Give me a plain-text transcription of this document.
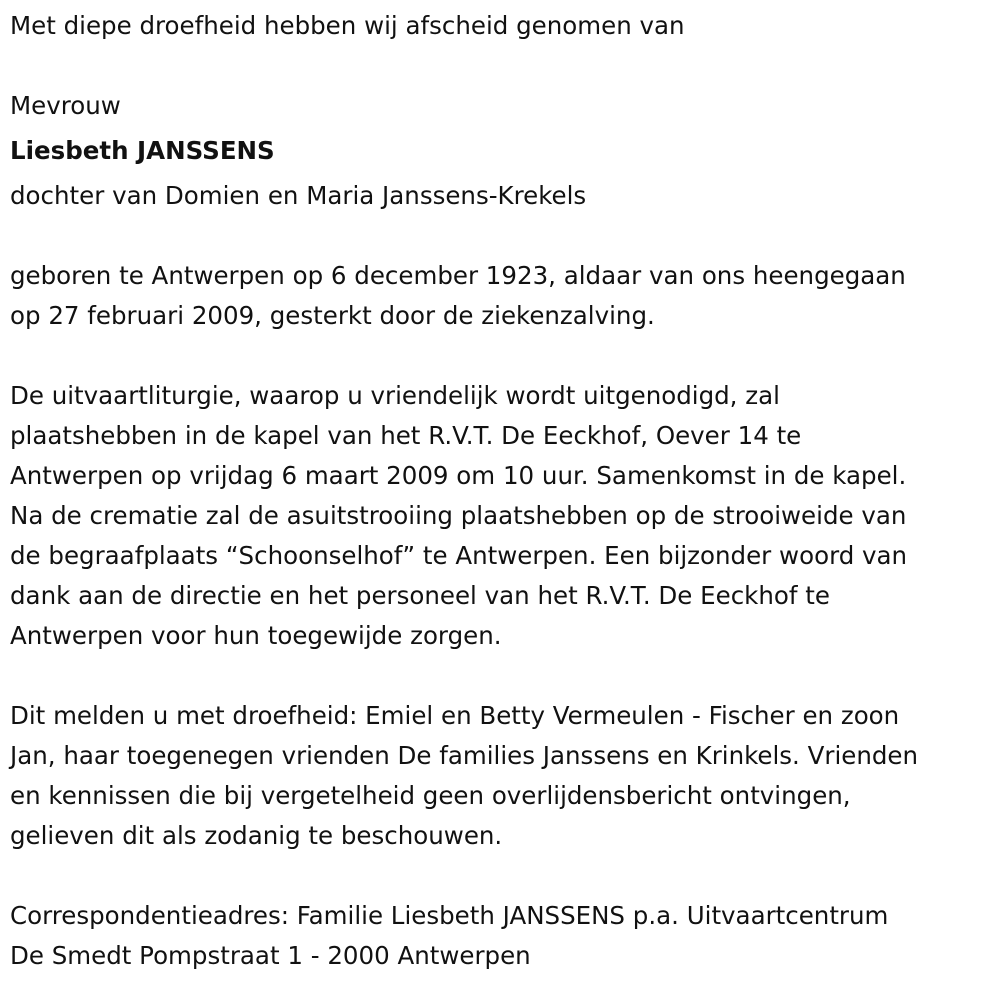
Met diepe droefheid hebben wij afscheid genomen van
Mevrouw
Liesbeth JANSSENS
dochter van Domien en Maria Janssens-Krekels
geboren te Antwerpen op 6 december 1923, aldaar van ons heengegaan
op 27 februari 2009, gesterkt door de ziekenzalving.
De uitvaartliturgie, waarop u vriendelijk wordt uitgenodigd, zal
plaatshebben in de kapel van het R.V.T. De Eeckhof, Oever 14 te
Antwerpen op vrijdag 6 maart 2009 om 10 uur. Samenkomst in de kapel.
Na de crematie zal de asuitstrooiing plaatshebben op de strooiweide van
de begraafplaats “Schoonselhof” te Antwerpen. Een bijzonder woord van
dank aan de directie en het personeel van het R.V.T. De Eeckhof te
Antwerpen voor hun toegewijde zorgen.
Dit melden u met droefheid: Emiel en Betty Vermeulen - Fischer en zoon
Jan, haar toegenegen vrienden De families Janssens en Krinkels. Vrienden
en kennissen die bij vergetelheid geen overlijdensbericht ontvingen,
gelieven dit als zodanig te beschouwen.
Correspondentieadres: Familie Liesbeth JANSSENS p.a. Uitvaartcentrum
De Smedt Pompstraat 1 - 2000 Antwerpen
